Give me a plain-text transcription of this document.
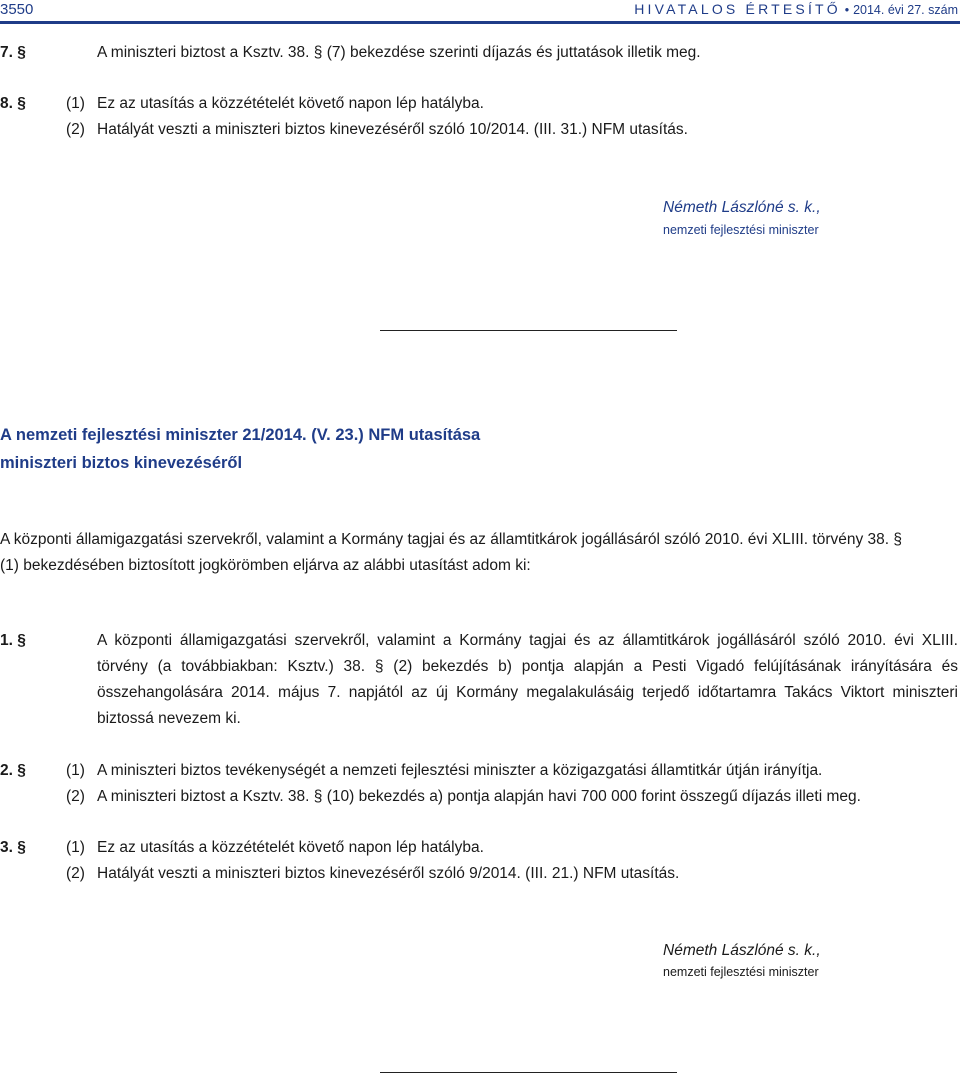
3550	HIVATALOS ÉRTESÍTŐ • 2014. évi 27. szám
7. §	A miniszteri biztost a Ksztv. 38. § (7) bekezdése szerinti díjazás és juttatások illetik meg.
8. §	(1) Ez az utasítás a közzétételét követő napon lép hatályba.
(2) Hatályát veszti a miniszteri biztos kinevezéséről szóló 10/2014. (III. 31.) NFM utasítás.
Németh Lászlóné s. k.,
nemzeti fejlesztési miniszter
A nemzeti fejlesztési miniszter 21/2014. (V. 23.) NFM utasítása
miniszteri biztos kinevezéséről
A központi államigazgatási szervekről, valamint a Kormány tagjai és az államtitkárok jogállásáról szóló 2010. évi XLIII. törvény 38. §
(1) bekezdésében biztosított jogkörömben eljárva az alábbi utasítást adom ki:
1. §	A központi államigazgatási szervekről, valamint a Kormány tagjai és az államtitkárok jogállásáról szóló 2010. évi XLIII. törvény (a továbbiakban: Ksztv.) 38. § (2) bekezdés b) pontja alapján a Pesti Vigadó felújításának irányítására és összehangolására 2014. május 7. napjától az új Kormány megalakulásáig terjedő időtartamra Takács Viktort miniszteri biztossá nevezem ki.
2. §	(1) A miniszteri biztos tevékenységét a nemzeti fejlesztési miniszter a közigazgatási államtitkár útján irányítja.
(2) A miniszteri biztost a Ksztv. 38. § (10) bekezdés a) pontja alapján havi 700 000 forint összegű díjazás illeti meg.
3. §	(1) Ez az utasítás a közzétételét követő napon lép hatályba.
(2) Hatályát veszti a miniszteri biztos kinevezéséről szóló 9/2014. (III. 21.) NFM utasítás.
Németh Lászlóné s. k.,
nemzeti fejlesztési miniszter
